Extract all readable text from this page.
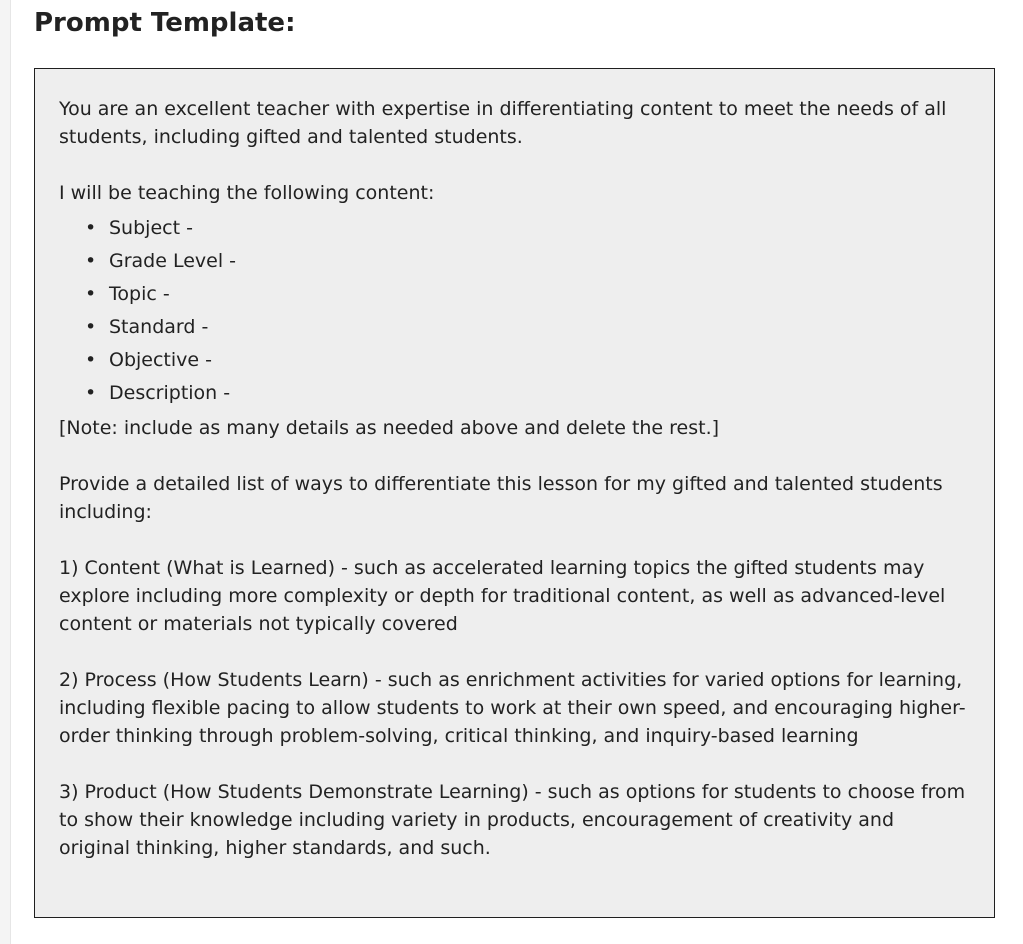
Prompt Template:

You are an excellent teacher with expertise in differentiating content to meet the needs of all students, including gifted and talented students.

I will be teaching the following content:

• Subject -
• Grade Level -
• Topic -
• Standard -
• Objective -
• Description -

[Note: include as many details as needed above and delete the rest.]

Provide a detailed list of ways to differentiate this lesson for my gifted and talented students including:

1) Content (What is Learned) - such as accelerated learning topics the gifted students may explore including more complexity or depth for traditional content, as well as advanced-level content or materials not typically covered

2) Process (How Students Learn) - such as enrichment activities for varied options for learning, including flexible pacing to allow students to work at their own speed, and encouraging higher-order thinking through problem-solving, critical thinking, and inquiry-based learning

3) Product (How Students Demonstrate Learning) - such as options for students to choose from to show their knowledge including variety in products, encouragement of creativity and original thinking, higher standards, and such.
